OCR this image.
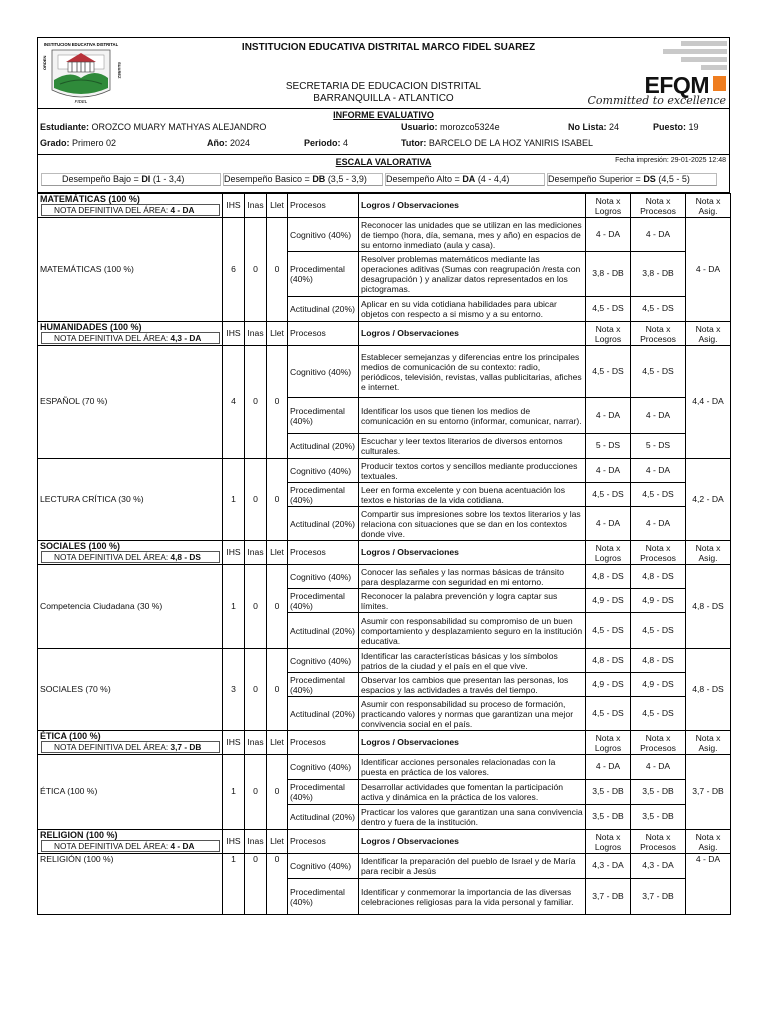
INSTITUCION EDUCATIVA DISTRITAL
ORDEN	SUAREZ
FIDEL
INSTITUCION EDUCATIVA DISTRITAL MARCO FIDEL SUAREZ
SECRETARIA DE EDUCACION DISTRITAL
BARRANQUILLA - ATLANTICO
EFQM
Committed to excellence
INFORME EVALUATIVO
Estudiante: OROZCO MUARY MATHYAS ALEJANDRO	Usuario: morozco5324e	No Lista: 24	Puesto: 19
Grado: Primero 02	Año: 2024	Periodo: 4	Tutor: BARCELO DE LA HOZ YANIRIS ISABEL
ESCALA VALORATIVA	Fecha impresión: 29-01-2025 12:48
Desempeño Bajo = DI (1 - 3,4)	Desempeño Basico = DB (3,5 - 3,9)	Desempeño Alto = DA (4 - 4,4)	Desempeño Superior = DS (4,5 - 5)
MATEMÁTICAS (100 %)
NOTA DEFINITIVA DEL ÁREA: 4 - DA	IHS	Inas	Llet	Procesos	Logros / Observaciones	Nota x Logros	Nota x Procesos	Nota x Asig.
MATEMÁTICAS (100 %)	6	0	0	Cognitivo (40%)	Reconocer las unidades que se utilizan en las mediciones de tiempo (hora, día, semana, mes y año) en espacios de su entorno inmediato (aula y casa).	4 - DA	4 - DA	4 - DA
				Procedimental (40%)	Resolver problemas matemáticos mediante las operaciones aditivas (Sumas con reagrupación /resta con desagrupación ) y analizar datos representados en los pictogramas.	3,8 - DB	3,8 - DB	
				Actitudinal (20%)	Aplicar en su vida cotidiana habilidades para ubicar objetos con respecto a si mismo y a su entorno.	4,5 - DS	4,5 - DS	

HUMANIDADES (100 %)
NOTA DEFINITIVA DEL ÁREA: 4,3 - DA	IHS	Inas	Llet	Procesos	Logros / Observaciones	Nota x Logros	Nota x Procesos	Nota x Asig.
ESPAÑOL (70 %)	4	0	0	Cognitivo (40%)	Establecer semejanzas y diferencias entre los principales medios de comunicación de su contexto: radio, periódicos, televisión, revistas, vallas publicitarias, afiches e internet.	4,5 - DS	4,5 - DS	4,4 - DA
				Procedimental (40%)	Identificar los usos que tienen los medios de comunicación en su entorno (informar, comunicar, narrar).	4 - DA	4 - DA	
				Actitudinal (20%)	Escuchar y leer textos literarios de diversos entornos culturales.	5 - DS	5 - DS	
LECTURA CRÍTICA (30 %)	1	0	0	Cognitivo (40%)	Producir textos cortos y sencillos mediante producciones textuales.	4 - DA	4 - DA	4,2 - DA
				Procedimental (40%)	Leer en forma excelente y con buena acentuación los textos e historias de la vida cotidiana.	4,5 - DS	4,5 - DS	
				Actitudinal (20%)	Compartir sus impresiones sobre los textos literarios y las relaciona con situaciones que se dan en los contextos donde vive.	4 - DA	4 - DA	

SOCIALES (100 %)
NOTA DEFINITIVA DEL ÁREA: 4,8 - DS	IHS	Inas	Llet	Procesos	Logros / Observaciones	Nota x Logros	Nota x Procesos	Nota x Asig.
Competencia Ciudadana (30 %)	1	0	0	Cognitivo (40%)	Conocer las señales y las normas básicas de tránsito para desplazarme con seguridad en mi entorno.	4,8 - DS	4,8 - DS	4,8 - DS
				Procedimental (40%)	Reconocer la palabra prevención y logra captar sus límites.	4,9 - DS	4,9 - DS	
				Actitudinal (20%)	Asumir con responsabilidad su compromiso de un buen comportamiento y desplazamiento seguro en la institución educativa.	4,5 - DS	4,5 - DS	
SOCIALES (70 %)	3	0	0	Cognitivo (40%)	Identificar las características básicas y los símbolos patrios de la ciudad y el país en el que vive.	4,8 - DS	4,8 - DS	4,8 - DS
				Procedimental (40%)	Observar los cambios que presentan las personas, los espacios y las actividades a través del tiempo.	4,9 - DS	4,9 - DS	
				Actitudinal (20%)	Asumir con responsabilidad su proceso de formación, practicando valores y normas que garantizan una mejor convivencia social en el país.	4,5 - DS	4,5 - DS	

ÉTICA (100 %)
NOTA DEFINITIVA DEL ÁREA: 3,7 - DB	IHS	Inas	Llet	Procesos	Logros / Observaciones	Nota x Logros	Nota x Procesos	Nota x Asig.
ÉTICA (100 %)	1	0	0	Cognitivo (40%)	Identificar acciones personales relacionadas con la puesta en práctica de los valores.	4 - DA	4 - DA	3,7 - DB
				Procedimental (40%)	Desarrollar actividades que fomentan la participación activa y dinámica en la práctica de los valores.	3,5 - DB	3,5 - DB	
				Actitudinal (20%)	Practicar los valores que garantizan una sana convivencia dentro y fuera de la institución.	3,5 - DB	3,5 - DB	

RELIGION (100 %)
NOTA DEFINITIVA DEL ÁREA: 4 - DA	IHS	Inas	Llet	Procesos	Logros / Observaciones	Nota x Logros	Nota x Procesos	Nota x Asig.
RELIGIÓN (100 %)	1	0	0	Cognitivo (40%)	Identificar la preparación del pueblo de Israel y de María para recibir a Jesús	4,3 - DA	4,3 - DA	4 - DA
				Procedimental (40%)	Identificar y conmemorar la importancia de las diversas celebraciones religiosas para la vida personal y familiar.	3,7 - DB	3,7 - DB	
